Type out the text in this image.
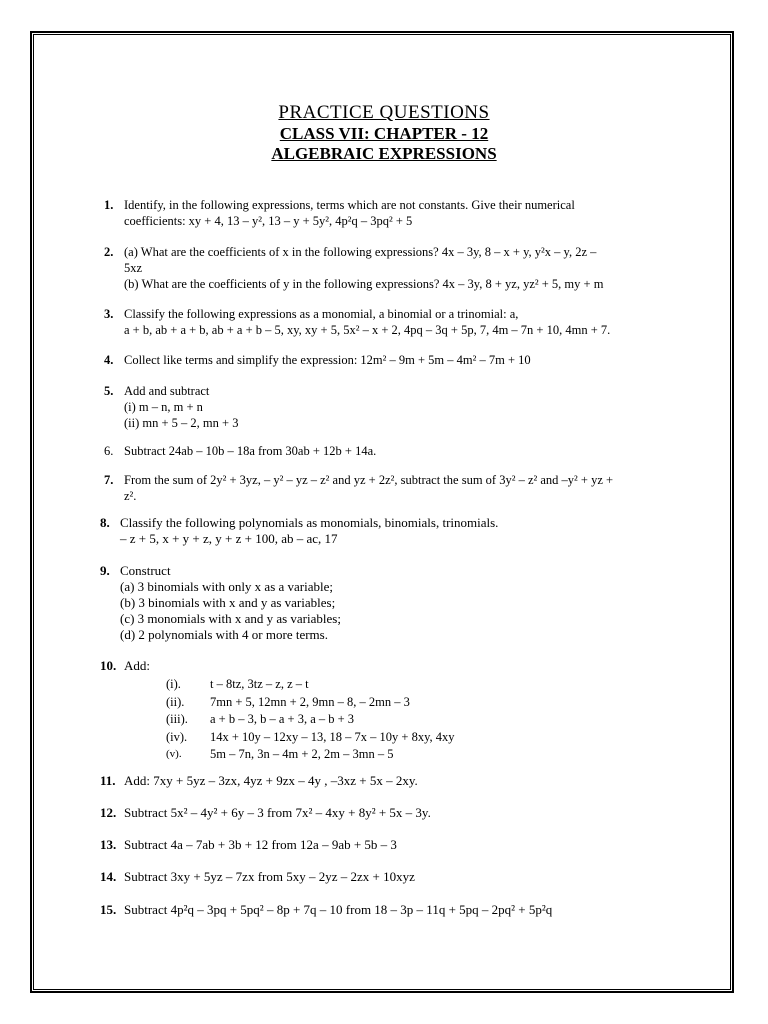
PRACTICE QUESTIONS
CLASS VII: CHAPTER - 12
ALGEBRAIC EXPRESSIONS
1. Identify, in the following expressions, terms which are not constants. Give their numerical
coefficients: xy + 4, 13 – y², 13 – y + 5y², 4p²q – 3pq² + 5
2. (a) What are the coefficients of x in the following expressions? 4x – 3y, 8 – x + y, y²x – y, 2z –
5xz
(b) What are the coefficients of y in the following expressions? 4x – 3y, 8 + yz, yz² + 5, my + m
3. Classify the following expressions as a monomial, a binomial or a trinomial: a,
a + b, ab + a + b, ab + a + b – 5, xy, xy + 5, 5x² – x + 2, 4pq – 3q + 5p, 7, 4m – 7n + 10, 4mn + 7.
4. Collect like terms and simplify the expression: 12m² – 9m + 5m – 4m² – 7m + 10
5. Add and subtract
(i) m – n, m + n
(ii) mn + 5 – 2, mn + 3
6. Subtract 24ab – 10b – 18a from 30ab + 12b + 14a.
7. From the sum of 2y² + 3yz, – y² – yz – z² and yz + 2z², subtract the sum of 3y² – z² and –y² + yz +
z².
8. Classify the following polynomials as monomials, binomials, trinomials.
– z + 5, x + y + z, y + z + 100, ab – ac, 17
9. Construct
(a) 3 binomials with only x as a variable;
(b) 3 binomials with x and y as variables;
(c) 3 monomials with x and y as variables;
(d) 2 polynomials with 4 or more terms.
10. Add:
(i).	t – 8tz, 3tz – z, z – t
(ii).	7mn + 5, 12mn + 2, 9mn – 8, – 2mn – 3
(iii).	a + b – 3, b – a + 3, a – b + 3
(iv).	14x + 10y – 12xy – 13, 18 – 7x – 10y + 8xy, 4xy
(v).	5m – 7n, 3n – 4m + 2, 2m – 3mn – 5
11. Add: 7xy + 5yz – 3zx, 4yz + 9zx – 4y , –3xz + 5x – 2xy.
12. Subtract 5x² – 4y² + 6y – 3 from 7x² – 4xy + 8y² + 5x – 3y.
13. Subtract 4a – 7ab + 3b + 12 from 12a – 9ab + 5b – 3
14. Subtract 3xy + 5yz – 7zx from 5xy – 2yz – 2zx + 10xyz
15. Subtract 4p²q – 3pq + 5pq² – 8p + 7q – 10 from 18 – 3p – 11q + 5pq – 2pq² + 5p²q
